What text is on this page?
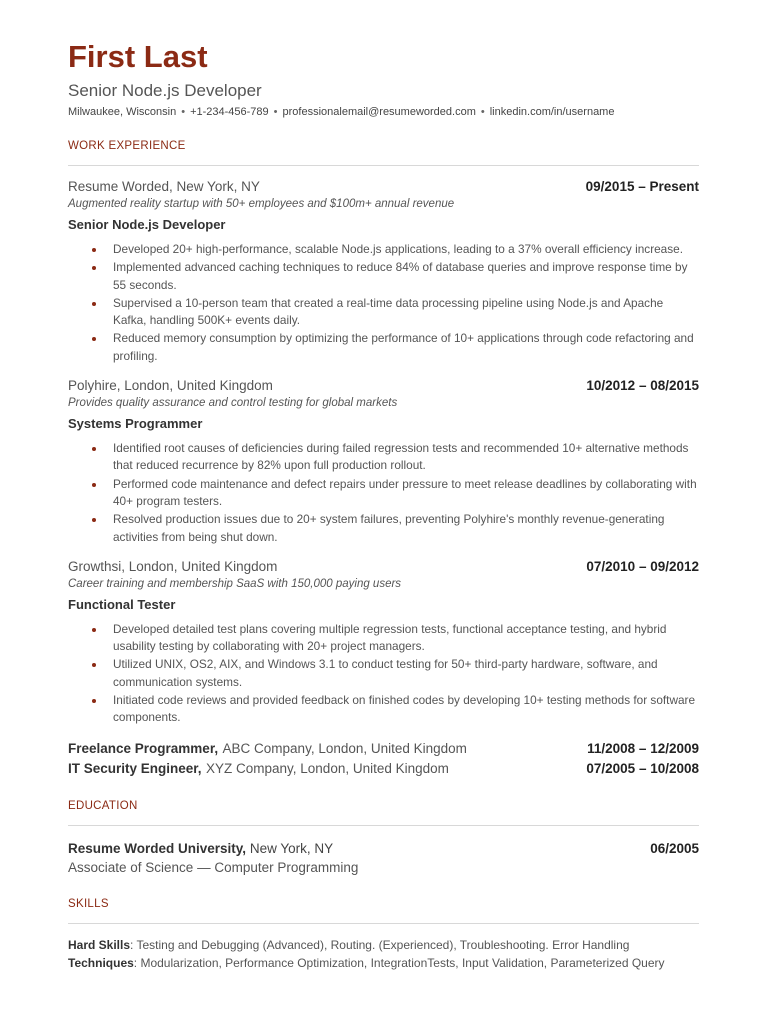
First Last
Senior Node.js Developer
Milwaukee, Wisconsin • +1-234-456-789 • professionalemail@resumeworded.com • linkedin.com/in/username
WORK EXPERIENCE
Resume Worded, New York, NY	09/2015 – Present
Augmented reality startup with 50+ employees and $100m+ annual revenue
Senior Node.js Developer
Developed 20+ high-performance, scalable Node.js applications, leading to a 37% overall efficiency increase.
Implemented advanced caching techniques to reduce 84% of database queries and improve response time by 55 seconds.
Supervised a 10-person team that created a real-time data processing pipeline using Node.js and Apache Kafka, handling 500K+ events daily.
Reduced memory consumption by optimizing the performance of 10+ applications through code refactoring and profiling.
Polyhire, London, United Kingdom	10/2012 – 08/2015
Provides quality assurance and control testing for global markets
Systems Programmer
Identified root causes of deficiencies during failed regression tests and recommended 10+ alternative methods that reduced recurrence by 82% upon full production rollout.
Performed code maintenance and defect repairs under pressure to meet release deadlines by collaborating with 40+ program testers.
Resolved production issues due to 20+ system failures, preventing Polyhire's monthly revenue-generating activities from being shut down.
Growthsi, London, United Kingdom	07/2010 – 09/2012
Career training and membership SaaS with 150,000 paying users
Functional Tester
Developed detailed test plans covering multiple regression tests, functional acceptance testing, and hybrid usability testing by collaborating with 20+ project managers.
Utilized UNIX, OS2, AIX, and Windows 3.1 to conduct testing for 50+ third-party hardware, software, and communication systems.
Initiated code reviews and provided feedback on finished codes by developing 10+ testing methods for software components.
Freelance Programmer, ABC Company, London, United Kingdom	11/2008 – 12/2009
IT Security Engineer, XYZ Company, London, United Kingdom	07/2005 – 10/2008
EDUCATION
Resume Worded University, New York, NY	06/2005
Associate of Science — Computer Programming
SKILLS
Hard Skills: Testing and Debugging (Advanced), Routing. (Experienced), Troubleshooting. Error Handling
Techniques: Modularization, Performance Optimization, IntegrationTests, Input Validation, Parameterized Query
